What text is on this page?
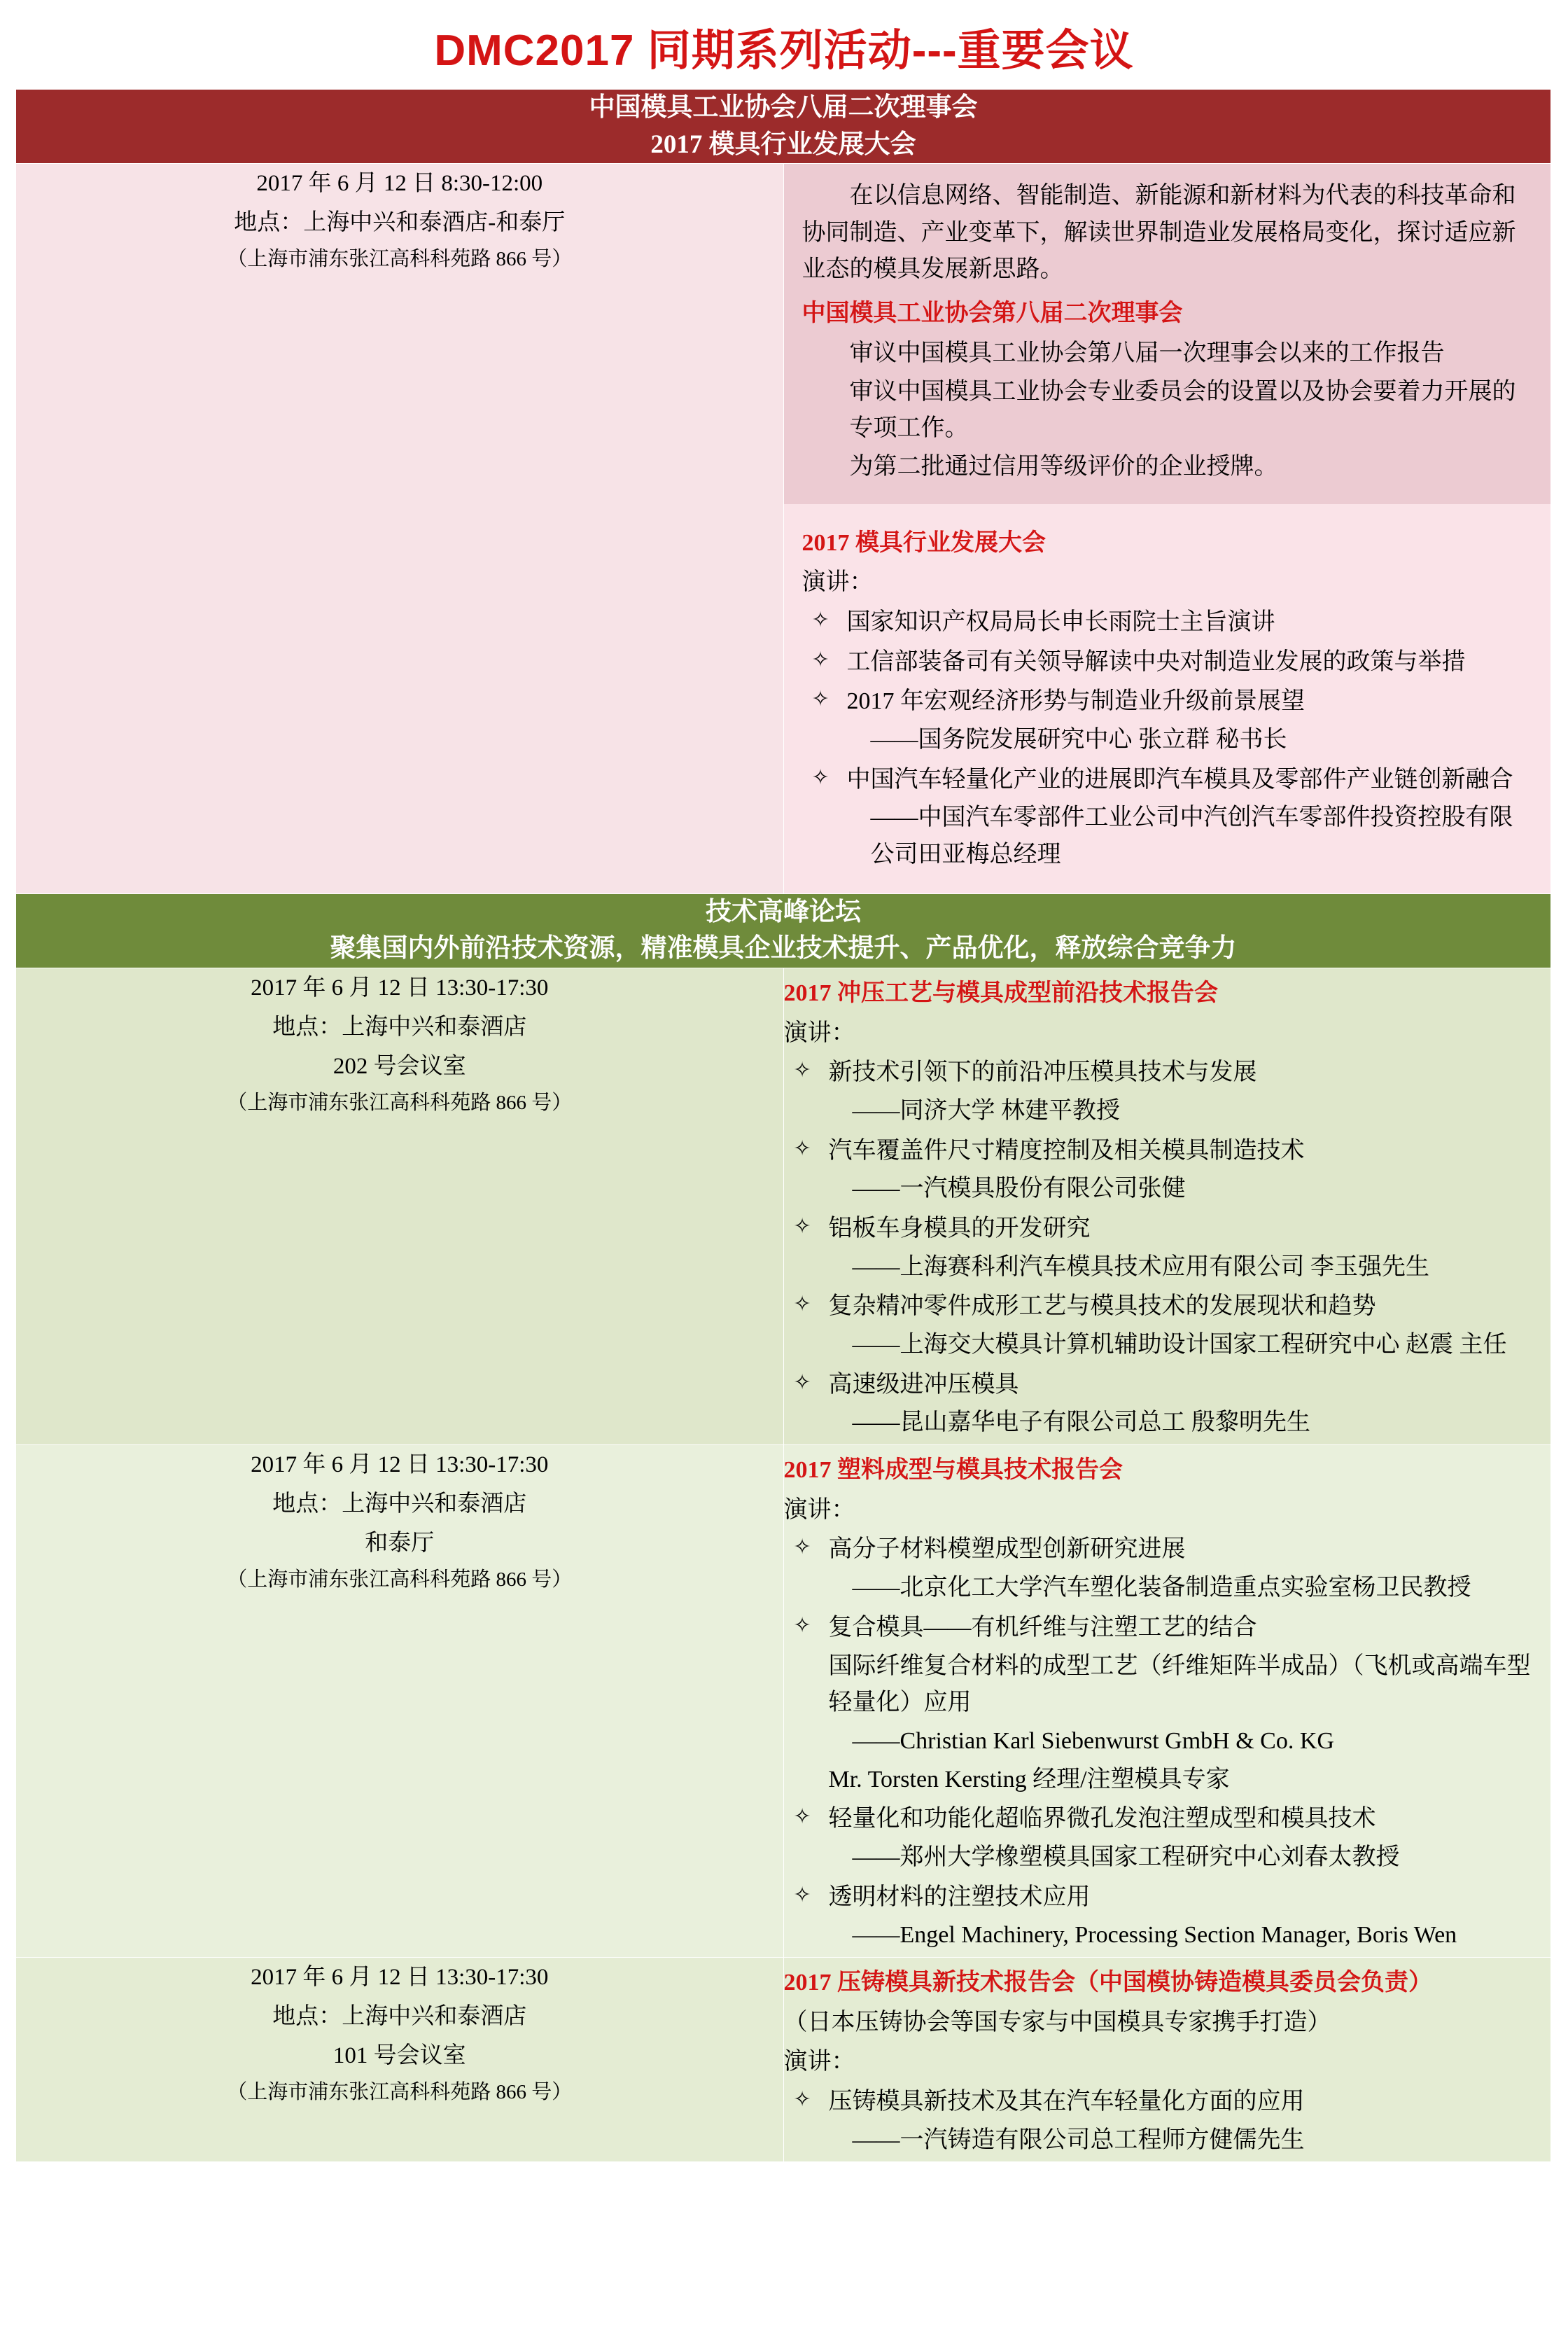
DMC2017 同期系列活动---重要会议
中国模具工业协会八届二次理事会
2017 模具行业发展大会	

2017 年 6 月 12 日 8:30-12:00
地点：上海中兴和泰酒店-和泰厅
（上海市浦东张江高科科苑路 866 号）

在以信息网络、智能制造、新能源和新材料为代表的科技革命和协同制造、产业变革下，解读世界制造业发展格局变化，探讨适应新业态的模具发展新思路。
中国模具工业协会第八届二次理事会
审议中国模具工业协会第八届一次理事会以来的工作报告
审议中国模具工业协会专业委员会的设置以及协会要着力开展的专项工作。
为第二批通过信用等级评价的企业授牌。
2017 模具行业发展大会
演讲：
✧ 国家知识产权局局长申长雨院士主旨演讲
✧ 工信部装备司有关领导解读中央对制造业发展的政策与举措
✧ 2017 年宏观经济形势与制造业升级前景展望
——国务院发展研究中心 张立群 秘书长
✧ 中国汽车轻量化产业的进展即汽车模具及零部件产业链创新融合
——中国汽车零部件工业公司中汽创汽车零部件投资控股有限公司田亚梅总经理

技术高峰论坛
聚集国内外前沿技术资源，精准模具企业技术提升、产品优化，释放综合竞争力	

2017 年 6 月 12 日 13:30-17:30
地点：上海中兴和泰酒店
202 号会议室
（上海市浦东张江高科科苑路 866 号）

2017 冲压工艺与模具成型前沿技术报告会
演讲：
✧ 新技术引领下的前沿冲压模具技术与发展
——同济大学 林建平教授
✧ 汽车覆盖件尺寸精度控制及相关模具制造技术
——一汽模具股份有限公司张健
✧ 铝板车身模具的开发研究
——上海赛科利汽车模具技术应用有限公司 李玉强先生
✧ 复杂精冲零件成形工艺与模具技术的发展现状和趋势
——上海交大模具计算机辅助设计国家工程研究中心 赵震 主任
✧ 高速级进冲压模具
——昆山嘉华电子有限公司总工 殷黎明先生

2017 年 6 月 12 日 13:30-17:30
地点：上海中兴和泰酒店
和泰厅
（上海市浦东张江高科科苑路 866 号）

2017 塑料成型与模具技术报告会
演讲：
✧ 高分子材料模塑成型创新研究进展
——北京化工大学汽车塑化装备制造重点实验室杨卫民教授
✧ 复合模具——有机纤维与注塑工艺的结合
国际纤维复合材料的成型工艺（纤维矩阵半成品）（飞机或高端车型轻量化）应用
——Christian Karl Siebenwurst GmbH & Co. KG
Mr. Torsten Kersting 经理/注塑模具专家
✧ 轻量化和功能化超临界微孔发泡注塑成型和模具技术
——郑州大学橡塑模具国家工程研究中心刘春太教授
✧ 透明材料的注塑技术应用
——Engel Machinery, Processing Section Manager, Boris Wen

2017 年 6 月 12 日 13:30-17:30
地点：上海中兴和泰酒店
101 号会议室
（上海市浦东张江高科科苑路 866 号）

2017 压铸模具新技术报告会（中国模协铸造模具委员会负责）
（日本压铸协会等国专家与中国模具专家携手打造）
演讲：
✧ 压铸模具新技术及其在汽车轻量化方面的应用
——一汽铸造有限公司总工程师方健儒先生
